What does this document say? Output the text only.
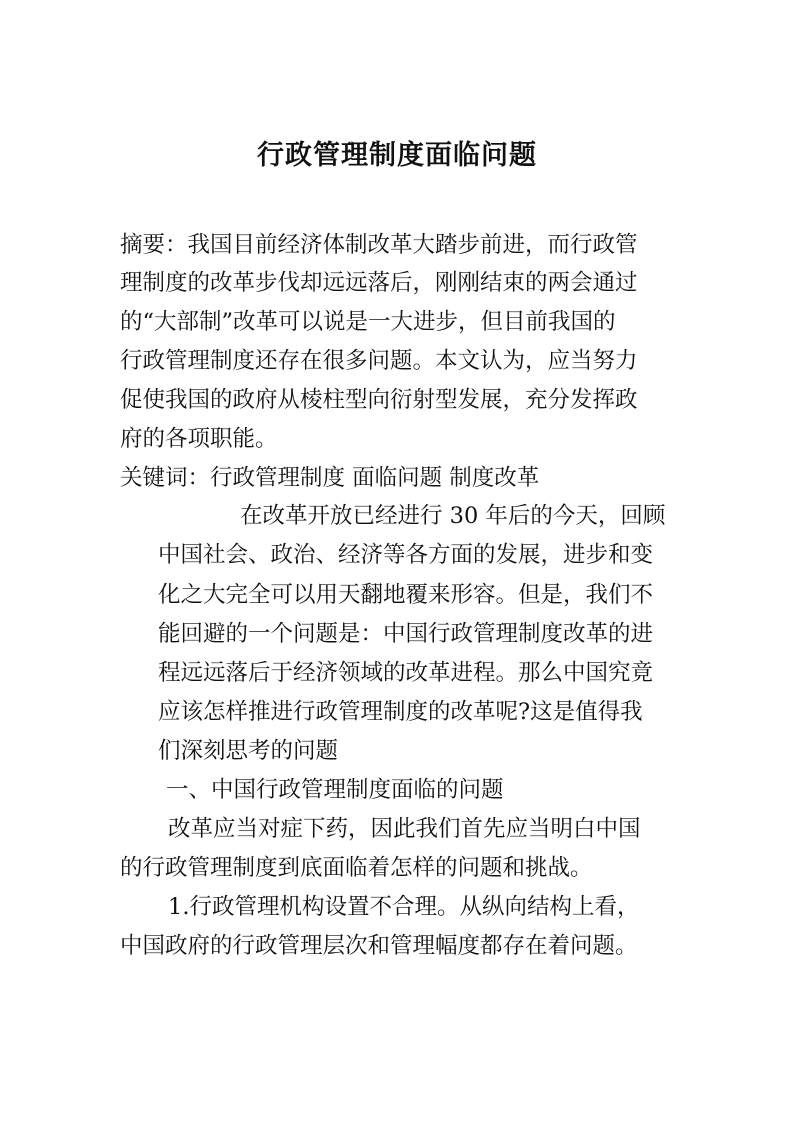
行政管理制度面临问题
摘要：我国目前经济体制改革大踏步前进，而行政管
理制度的改革步伐却远远落后，刚刚结束的两会通过
的“大部制”改革可以说是一大进步，但目前我国的
行政管理制度还存在很多问题。本文认为，应当努力
促使我国的政府从棱柱型向衍射型发展，充分发挥政
府的各项职能。
关键词：行政管理制度 面临问题 制度改革
在改革开放已经进行 30 年后的今天，回顾
中国社会、政治、经济等各方面的发展，进步和变
化之大完全可以用天翻地覆来形容。但是，我们不
能回避的一个问题是：中国行政管理制度改革的进
程远远落后于经济领域的改革进程。那么中国究竟
应该怎样推进行政管理制度的改革呢?这是值得我
们深刻思考的问题
一、中国行政管理制度面临的问题
改革应当对症下药，因此我们首先应当明白中国
的行政管理制度到底面临着怎样的问题和挑战。
1.行政管理机构设置不合理。从纵向结构上看，
中国政府的行政管理层次和管理幅度都存在着问题。
